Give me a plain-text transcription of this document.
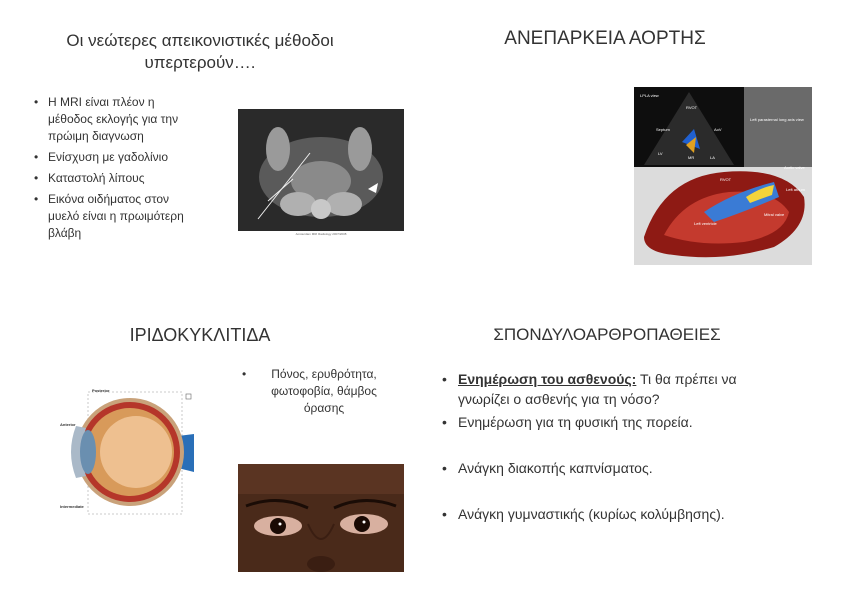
Οι νεώτερες απεικονιστικές μέθοδοι υπερτερούν….
• Η MRI είναι πλέον η μέθοδος εκλογής για την πρώιμη διαγνωση
• Ενίσχυση με γαδολίνιο
• Καταστολή λίπους
• Εικόνα οιδήματος στον μυελό είναι η πρωιμότερη βλάβη	Amsterdam MRI Radiology 2007/2008
ΑΝΕΠΑΡΚΕΙΑ ΑΟΡΤΗΣ
LPLA view
RVOT
Septum	AoV
LV
MR	LA
Left parasternal long axis view
RVOT
Aortic valve
Left atrium
Left ventricle
Mitral valve
ΙΡΙΔΟΚΥΚΛΙΤΙΔΑ
• Πόνος, ερυθρότητα, φωτοφοβία, θάμβος όρασης
Posterior
Anterior
Intermediate
ΣΠΟΝΔΥΛΟΑΡΘΡΟΠΑΘΕΙΕΣ
• Ενημέρωση του ασθενούς: Τι θα πρέπει να γνωρίζει ο ασθενής για τη νόσο?
• Ενημέρωση για τη φυσική της πορεία.
• Ανάγκη διακοπής καπνίσματος.
• Ανάγκη γυμναστικής (κυρίως κολύμβησης).
